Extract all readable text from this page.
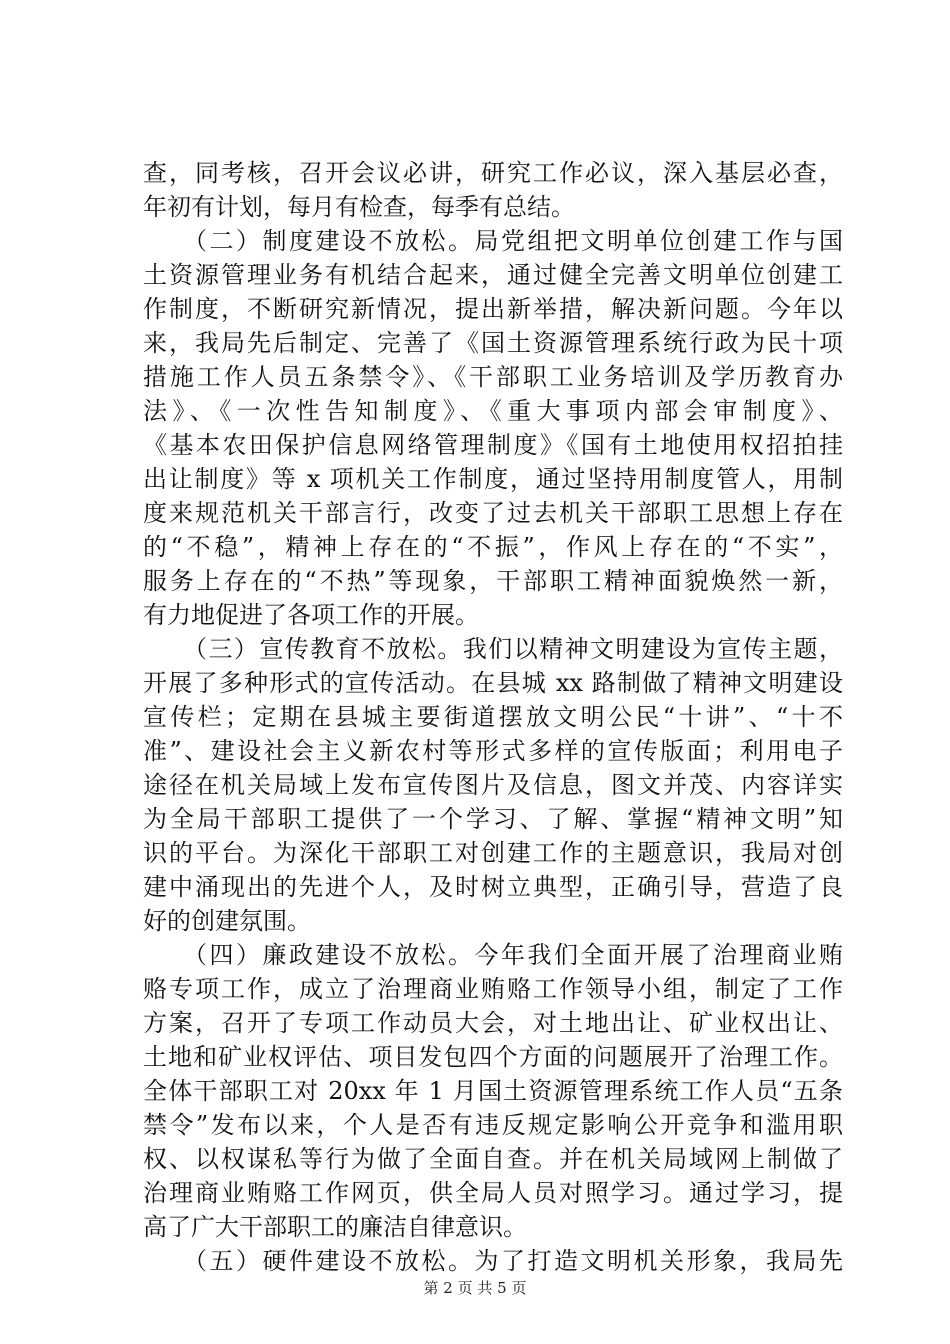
查，同考核，召开会议必讲，研究工作必议，深入基层必查，
年初有计划，每月有检查，每季有总结。
（二）制度建设不放松。局党组把文明单位创建工作与国
土资源管理业务有机结合起来，通过健全完善文明单位创建工
作制度，不断研究新情况，提出新举措，解决新问题。今年以
来，我局先后制定、完善了《国土资源管理系统行政为民十项
措施工作人员五条禁令》、《干部职工业务培训及学历教育办
法》、《一次性告知制度》、《重大事项内部会审制度》、
《基本农田保护信息网络管理制度》《国有土地使用权招拍挂
出让制度》等 x 项机关工作制度，通过坚持用制度管人，用制
度来规范机关干部言行，改变了过去机关干部职工思想上存在
的“不稳”，精神上存在的“不振”，作风上存在的“不实”，
服务上存在的“不热”等现象，干部职工精神面貌焕然一新，
有力地促进了各项工作的开展。
（三）宣传教育不放松。我们以精神文明建设为宣传主题，
开展了多种形式的宣传活动。在县城 xx 路制做了精神文明建设
宣传栏；定期在县城主要街道摆放文明公民“十讲”、“十不
准”、建设社会主义新农村等形式多样的宣传版面；利用电子
途径在机关局域上发布宣传图片及信息，图文并茂、内容详实
为全局干部职工提供了一个学习、了解、掌握“精神文明”知
识的平台。为深化干部职工对创建工作的主题意识，我局对创
建中涌现出的先进个人，及时树立典型，正确引导，营造了良
好的创建氛围。
（四）廉政建设不放松。今年我们全面开展了治理商业贿
赂专项工作，成立了治理商业贿赂工作领导小组，制定了工作
方案，召开了专项工作动员大会，对土地出让、矿业权出让、
土地和矿业权评估、项目发包四个方面的问题展开了治理工作。
全体干部职工对 20xx 年 1 月国土资源管理系统工作人员“五条
禁令”发布以来，个人是否有违反规定影响公开竞争和滥用职
权、以权谋私等行为做了全面自查。并在机关局域网上制做了
治理商业贿赂工作网页，供全局人员对照学习。通过学习，提
高了广大干部职工的廉洁自律意识。
（五）硬件建设不放松。为了打造文明机关形象，我局先
第 2 页 共 5 页
